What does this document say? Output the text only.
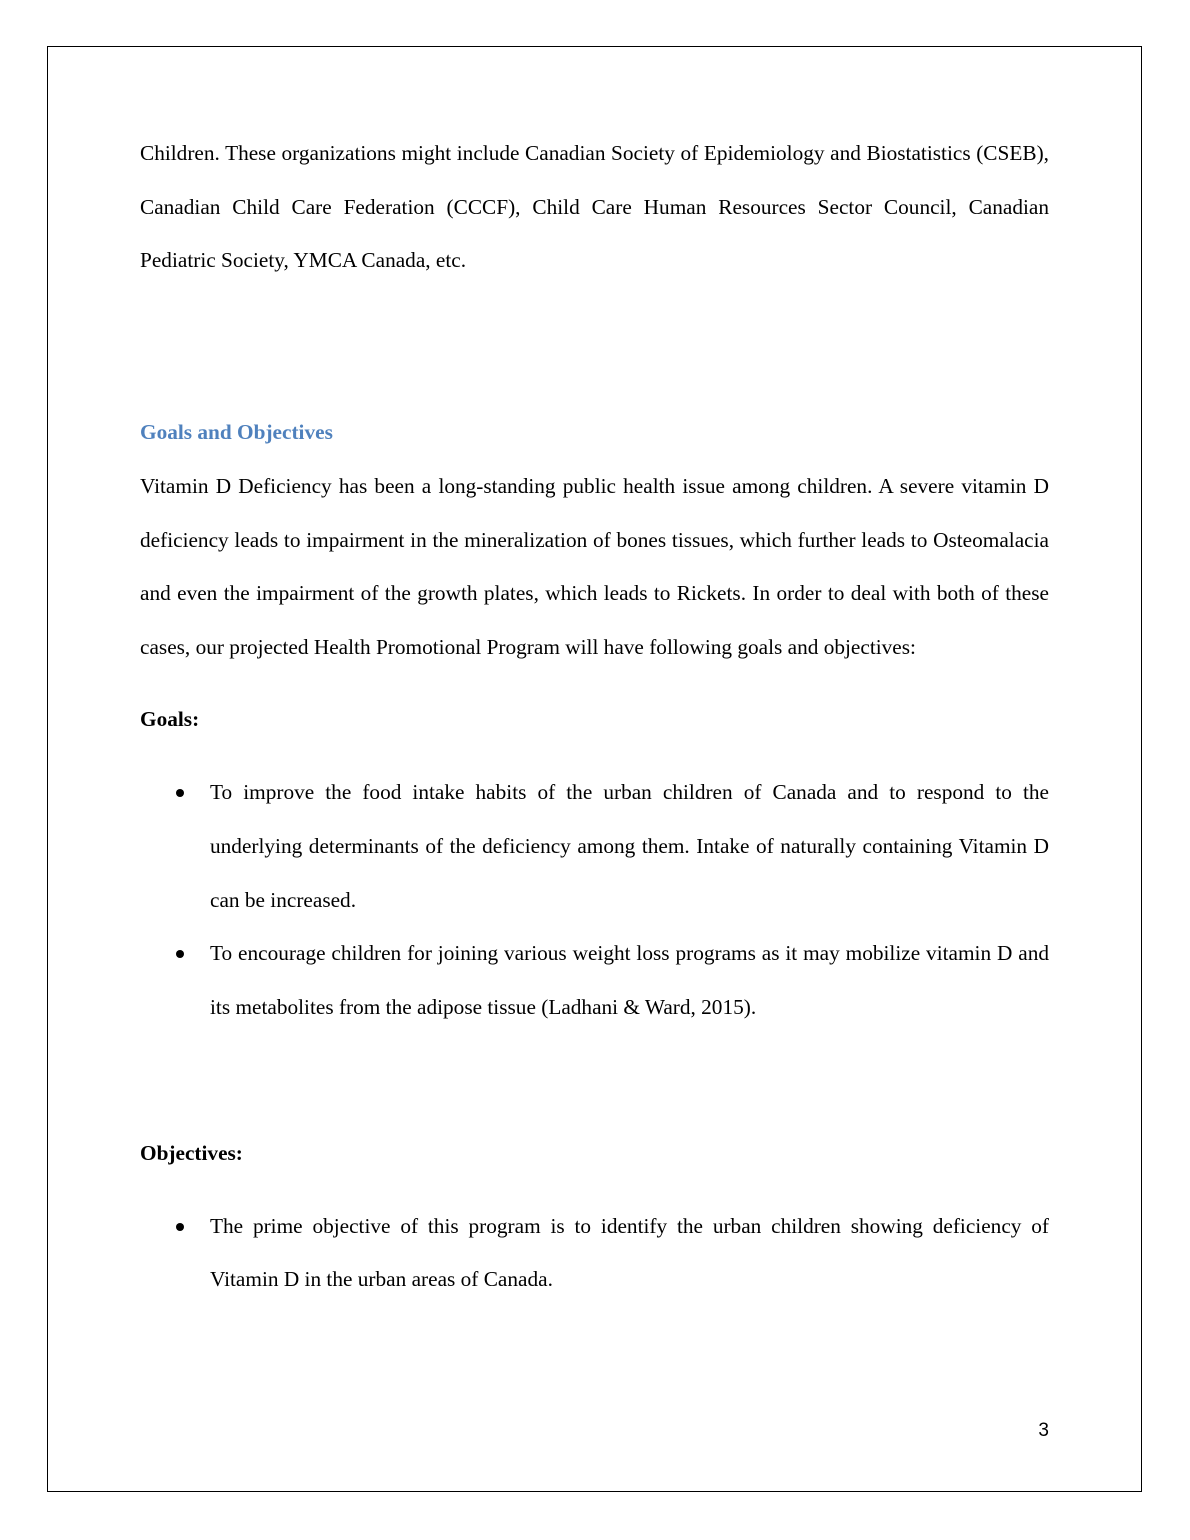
Children. These organizations might include Canadian Society of Epidemiology and Biostatistics (CSEB), Canadian Child Care Federation (CCCF), Child Care Human Resources Sector Council, Canadian Pediatric Society, YMCA Canada, etc.

Goals and Objectives

Vitamin D Deficiency has been a long-standing public health issue among children. A severe vitamin D deficiency leads to impairment in the mineralization of bones tissues, which further leads to Osteomalacia and even the impairment of the growth plates, which leads to Rickets. In order to deal with both of these cases, our projected Health Promotional Program will have following goals and objectives:

Goals:
To improve the food intake habits of the urban children of Canada and to respond to the underlying determinants of the deficiency among them. Intake of naturally containing Vitamin D can be increased.
To encourage children for joining various weight loss programs as it may mobilize vitamin D and its metabolites from the adipose tissue (Ladhani & Ward, 2015).
Objectives:
The prime objective of this program is to identify the urban children showing deficiency of Vitamin D in the urban areas of Canada.
3
